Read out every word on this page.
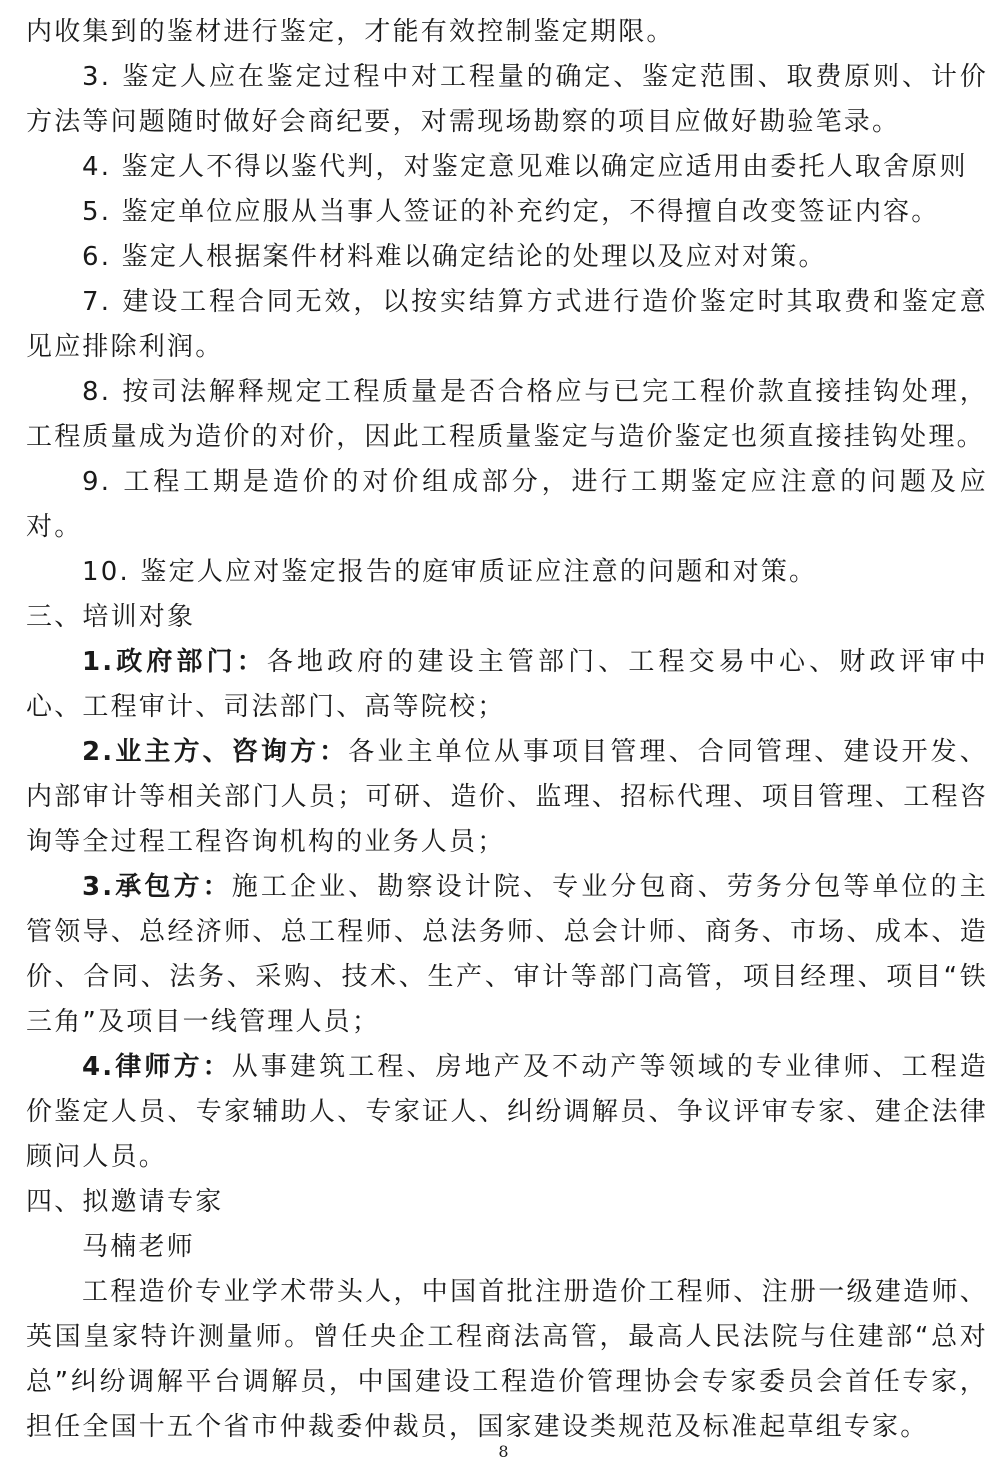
内收集到的鉴材进行鉴定，才能有效控制鉴定期限。

3. 鉴定人应在鉴定过程中对工程量的确定、鉴定范围、取费原则、计价方法等问题随时做好会商纪要，对需现场勘察的项目应做好勘验笔录。

4. 鉴定人不得以鉴代判，对鉴定意见难以确定应适用由委托人取舍原则

5. 鉴定单位应服从当事人签证的补充约定，不得擅自改变签证内容。

6. 鉴定人根据案件材料难以确定结论的处理以及应对对策。

7. 建设工程合同无效，以按实结算方式进行造价鉴定时其取费和鉴定意见应排除利润。

8. 按司法解释规定工程质量是否合格应与已完工程价款直接挂钩处理，工程质量成为造价的对价，因此工程质量鉴定与造价鉴定也须直接挂钩处理。

9. 工程工期是造价的对价组成部分，进行工期鉴定应注意的问题及应对。

10. 鉴定人应对鉴定报告的庭审质证应注意的问题和对策。

三、培训对象

1.政府部门：各地政府的建设主管部门、工程交易中心、财政评审中心、工程审计、司法部门、高等院校；

2.业主方、咨询方：各业主单位从事项目管理、合同管理、建设开发、内部审计等相关部门人员；可研、造价、监理、招标代理、项目管理、工程咨询等全过程工程咨询机构的业务人员；

3.承包方：施工企业、勘察设计院、专业分包商、劳务分包等单位的主管领导、总经济师、总工程师、总法务师、总会计师、商务、市场、成本、造价、合同、法务、采购、技术、生产、审计等部门高管，项目经理、项目“铁三角”及项目一线管理人员；

4.律师方：从事建筑工程、房地产及不动产等领域的专业律师、工程造价鉴定人员、专家辅助人、专家证人、纠纷调解员、争议评审专家、建企法律顾问人员。

四、拟邀请专家

马楠老师

工程造价专业学术带头人，中国首批注册造价工程师、注册一级建造师、英国皇家特许测量师。曾任央企工程商法高管，最高人民法院与住建部“总对总”纠纷调解平台调解员，中国建设工程造价管理协会专家委员会首任专家，担任全国十五个省市仲裁委仲裁员，国家建设类规范及标准起草组专家。

8
